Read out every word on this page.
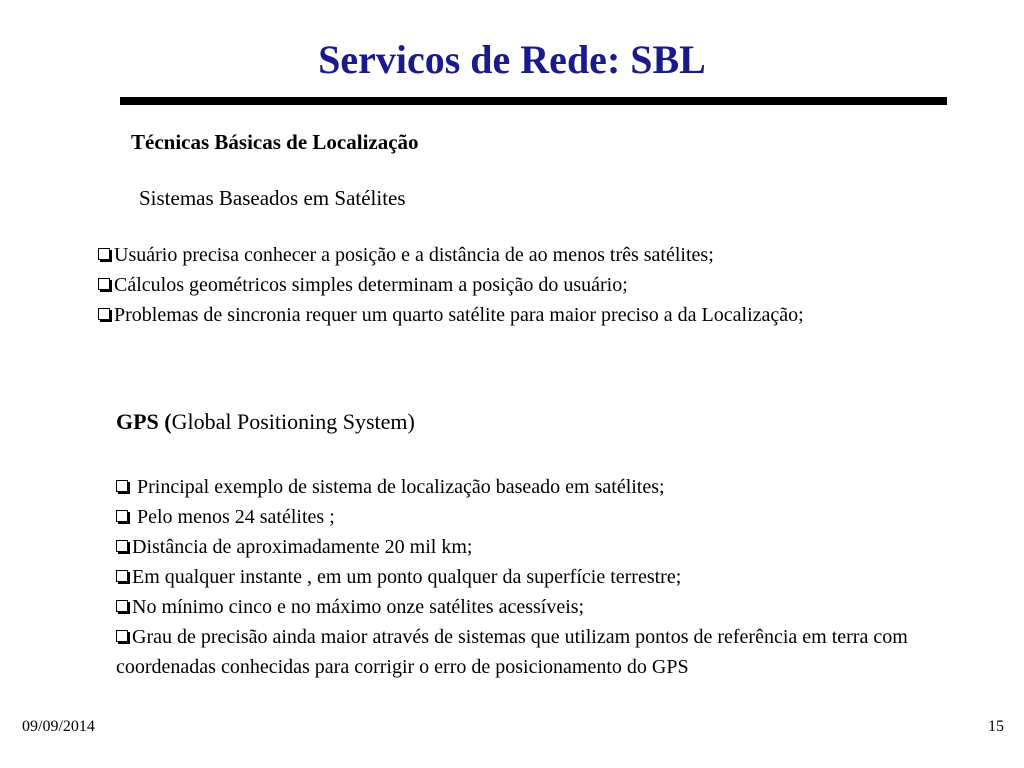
Servicos de Rede: SBL
Técnicas Básicas de Localização
Sistemas Baseados em Satélites
Usuário precisa conhecer a posição e a distância de ao menos três satélites;
Cálculos geométricos simples determinam a posição do usuário;
Problemas de sincronia requer um quarto satélite para maior preciso a da Localização;
GPS (Global Positioning System)
Principal exemplo de sistema de localização baseado em satélites;
Pelo menos 24 satélites ;
Distância de aproximadamente 20 mil km;
Em qualquer instante , em um ponto qualquer da superfície terrestre;
No mínimo cinco e no máximo onze satélites acessíveis;
Grau de precisão ainda maior através de sistemas que utilizam pontos de referência em terra com coordenadas conhecidas para corrigir o erro de posicionamento do GPS
09/09/2014	15
